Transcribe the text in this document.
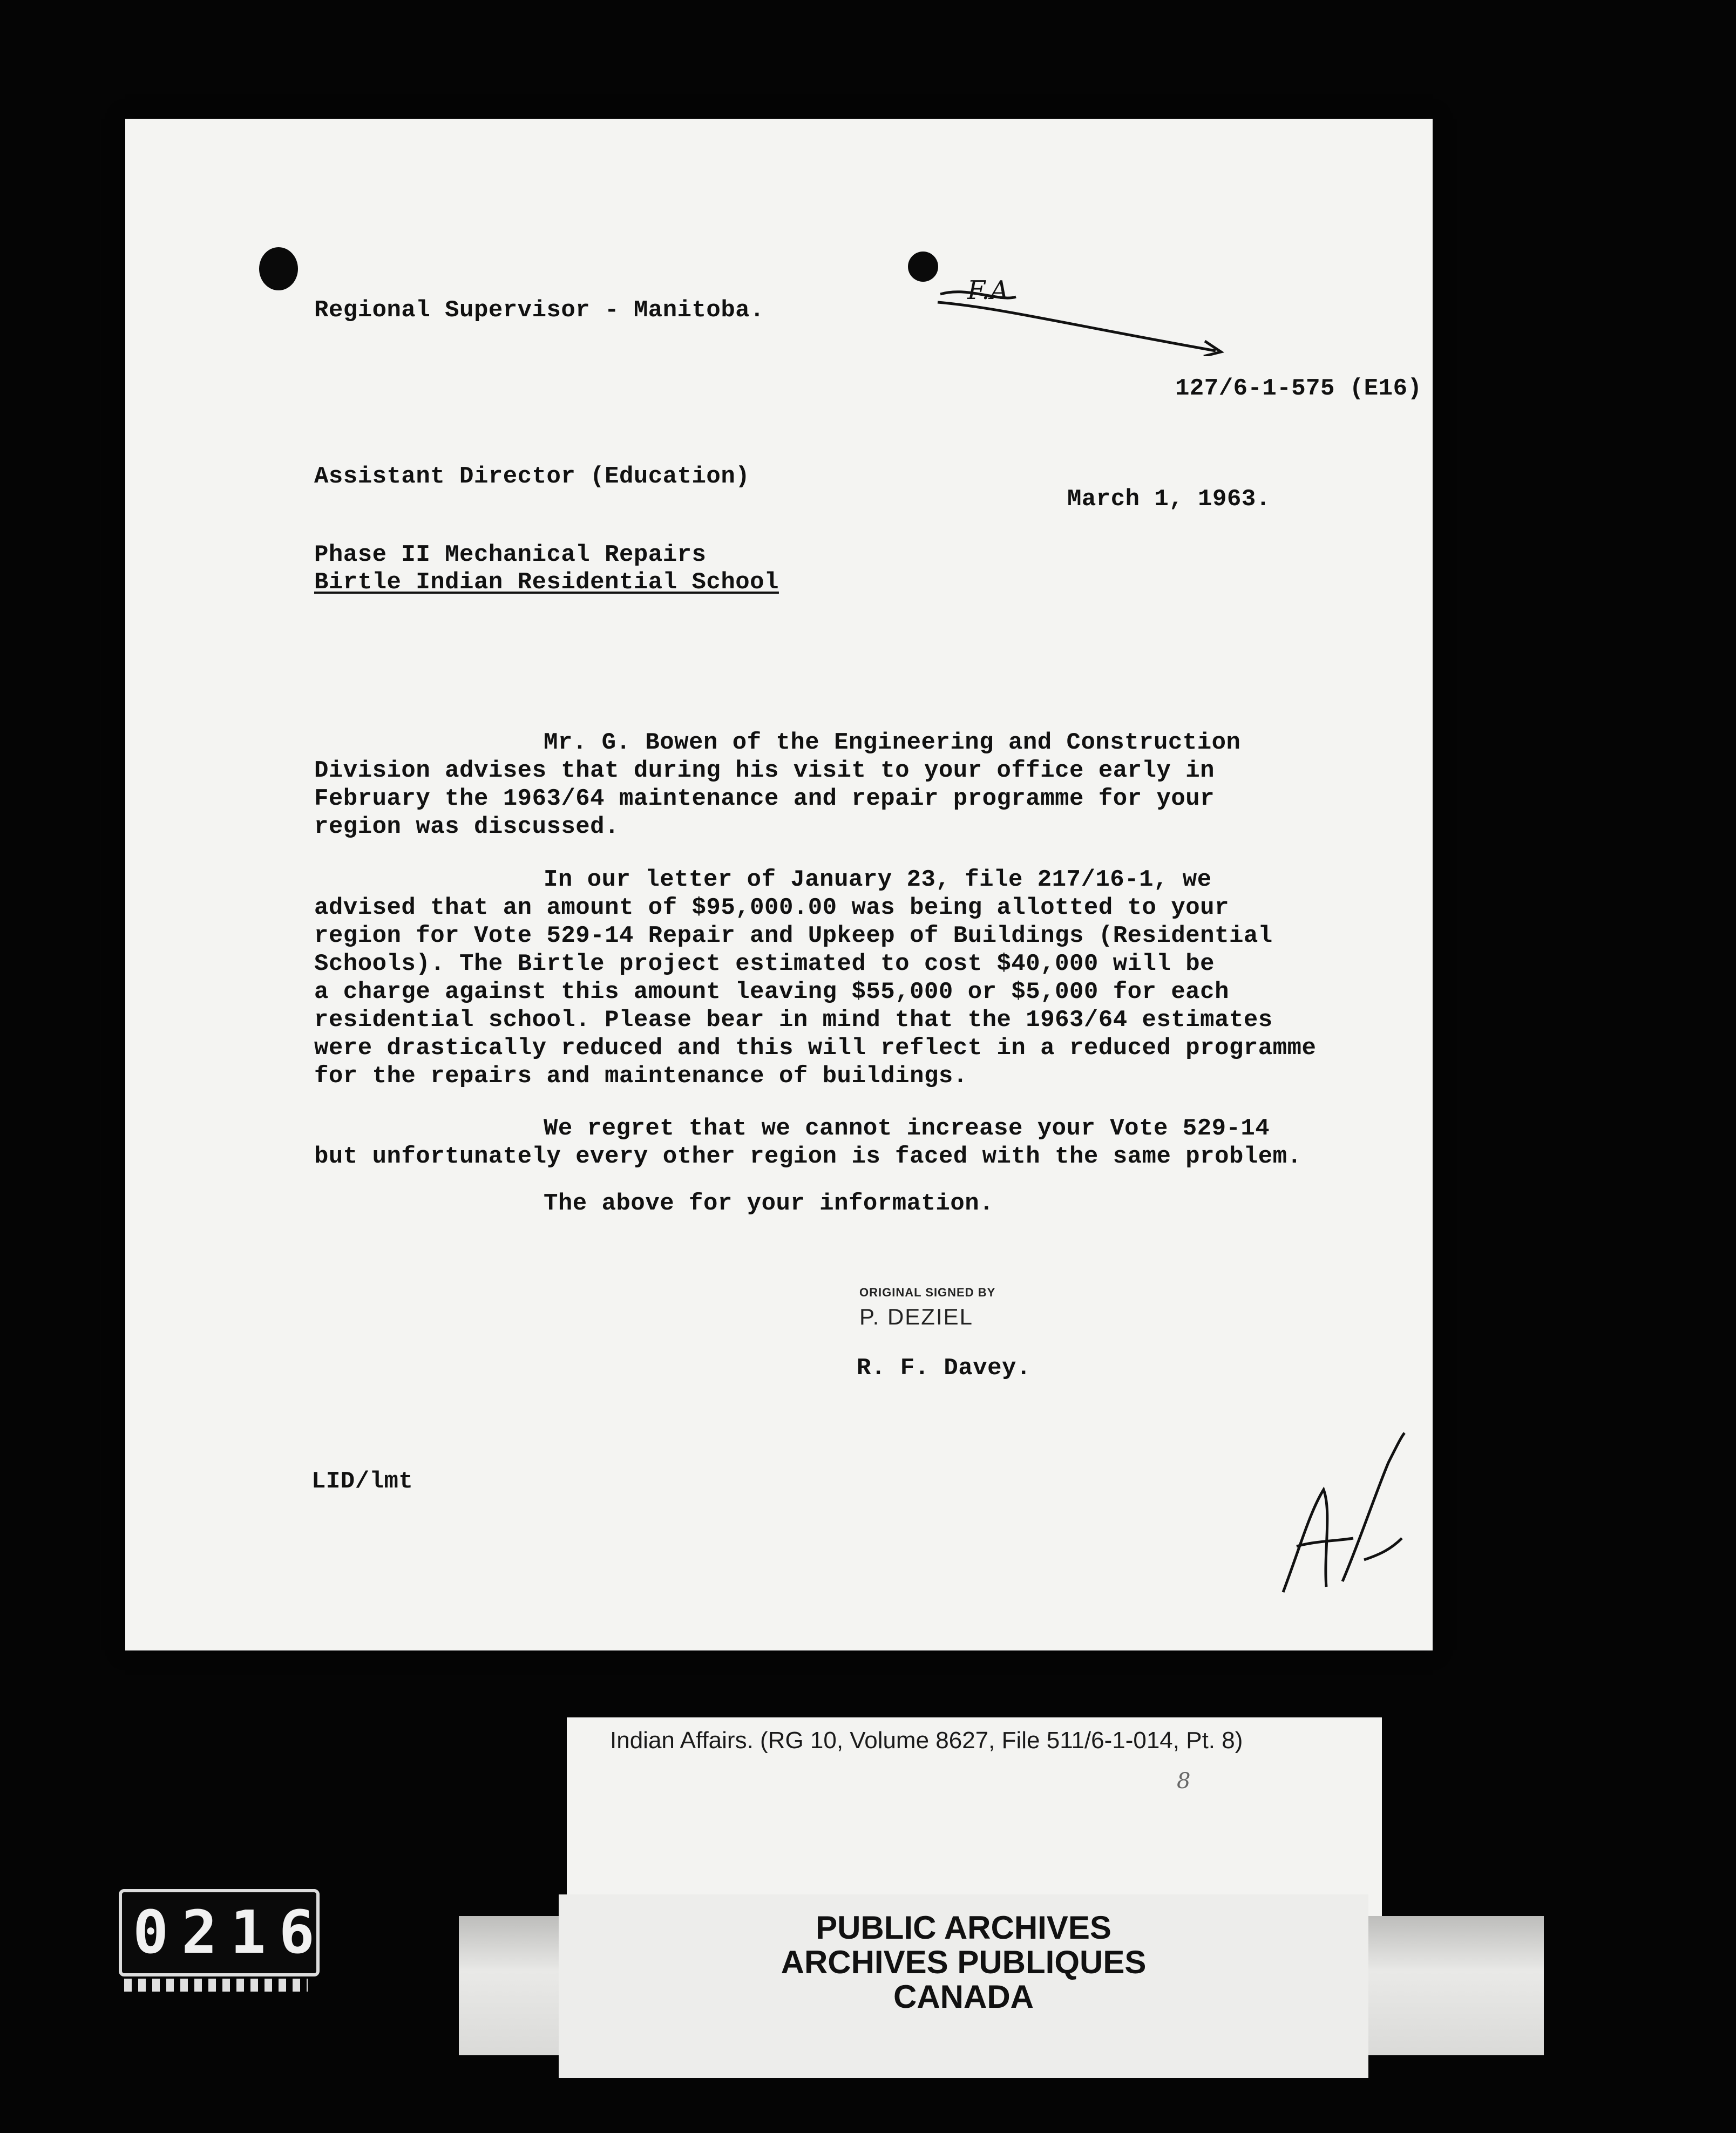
Regional Supervisor - Manitoba.
F.A
127/6-1-575 (E16)
Assistant Director (Education)
March 1, 1963.
Phase II Mechanical Repairs
Birtle Indian Residential School
Mr. G. Bowen of the Engineering and Construction
Division advises that during his visit to your office early in
February the 1963/64 maintenance and repair programme for your
region was discussed.
In our letter of January 23, file 217/16-1, we
advised that an amount of $95,000.00 was being allotted to your
region for Vote 529-14 Repair and Upkeep of Buildings (Residential
Schools). The Birtle project estimated to cost $40,000 will be
a charge against this amount leaving $55,000 or $5,000 for each
residential school. Please bear in mind that the 1963/64 estimates
were drastically reduced and this will reflect in a reduced programme
for the repairs and maintenance of buildings.
We regret that we cannot increase your Vote 529-14
but unfortunately every other region is faced with the same problem.
The above for your information.
ORIGINAL SIGNED BY
P. DEZIEL
R. F. Davey.
LID/lmt
Indian Affairs. (RG 10, Volume 8627, File 511/6-1-014, Pt. 8)
8
PUBLIC ARCHIVES
ARCHIVES PUBLIQUES
CANADA
0216
